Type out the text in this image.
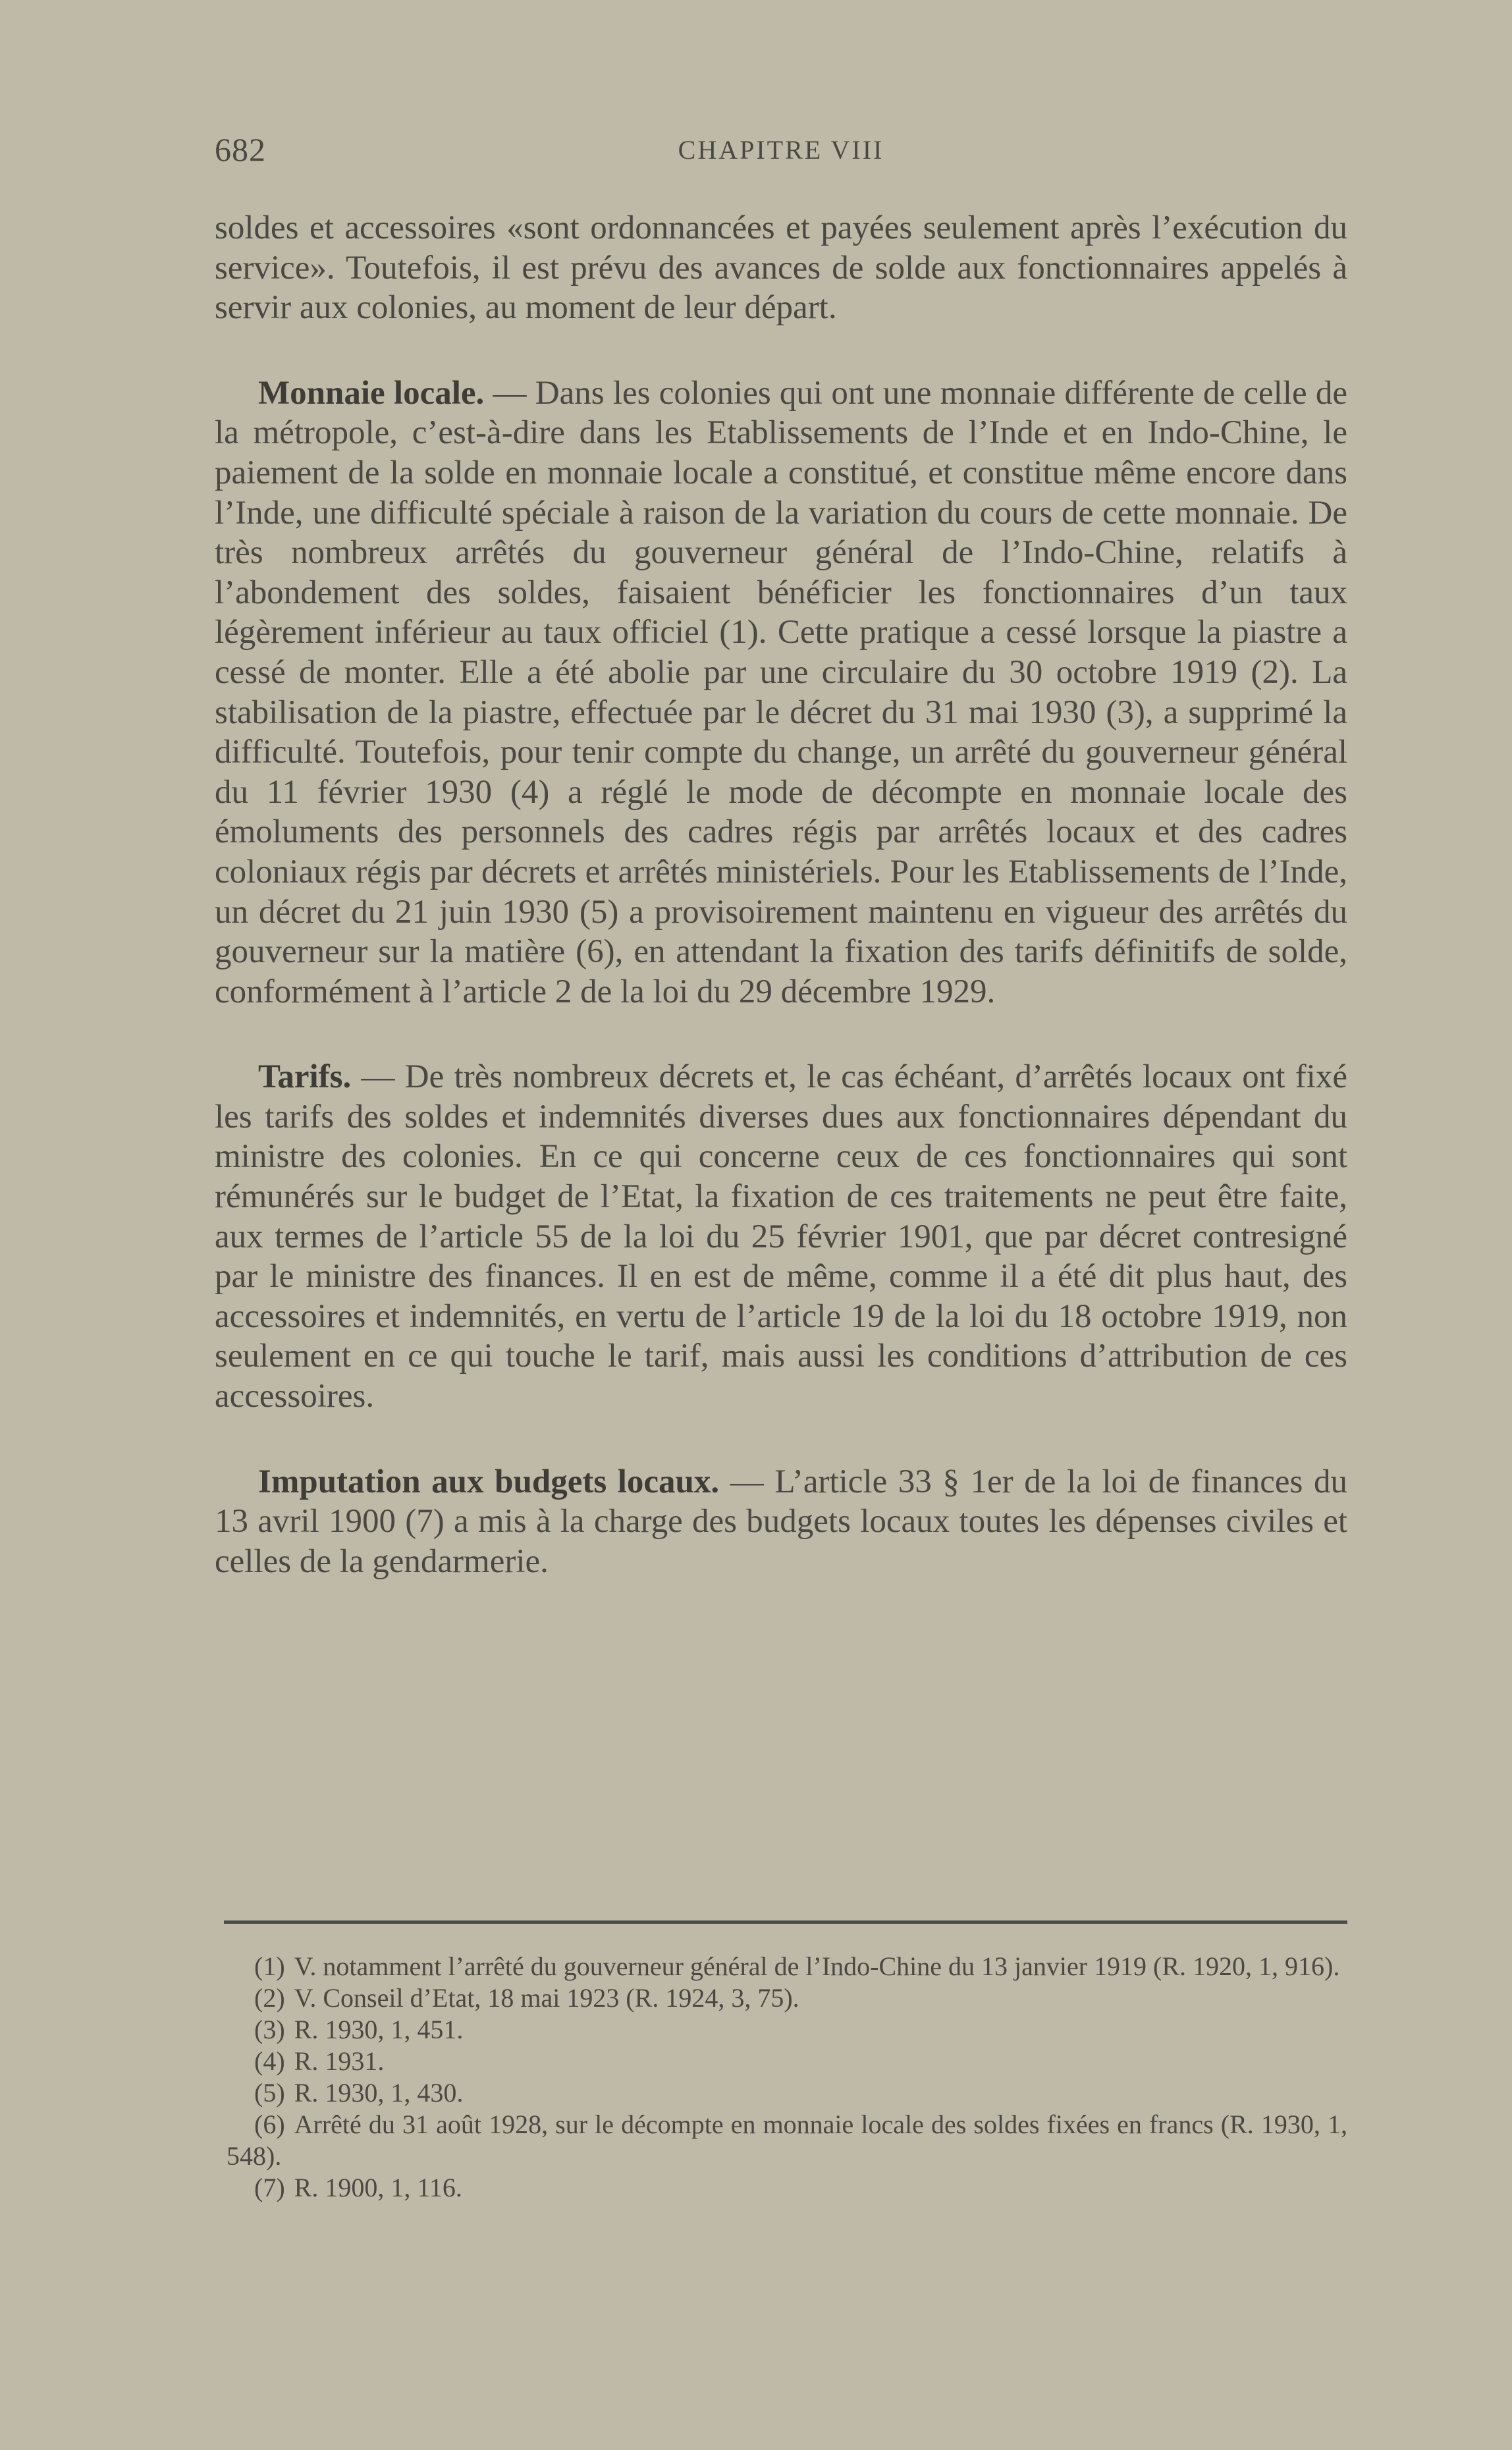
682	CHAPITRE VIII

soldes et accessoires «sont ordonnancées et payées seulement après l’exécution du service». Toutefois, il est prévu des avances de solde aux fonctionnaires appelés à servir aux colonies, au moment de leur départ.

Monnaie locale. — Dans les colonies qui ont une monnaie différente de celle de la métropole, c’est-à-dire dans les Etablissements de l’Inde et en Indo-Chine, le paiement de la solde en monnaie locale a constitué, et constitue même encore dans l’Inde, une difficulté spéciale à raison de la variation du cours de cette monnaie. De très nombreux arrêtés du gouverneur général de l’Indo-Chine, relatifs à l’abondement des soldes, faisaient bénéficier les fonctionnaires d’un taux légèrement inférieur au taux officiel (1). Cette pratique a cessé lorsque la piastre a cessé de monter. Elle a été abolie par une circulaire du 30 octobre 1919 (2). La stabilisation de la piastre, effectuée par le décret du 31 mai 1930 (3), a supprimé la difficulté. Toutefois, pour tenir compte du change, un arrêté du gouverneur général du 11 février 1930 (4) a réglé le mode de décompte en monnaie locale des émoluments des personnels des cadres régis par arrêtés locaux et des cadres coloniaux régis par décrets et arrêtés ministériels. Pour les Etablissements de l’Inde, un décret du 21 juin 1930 (5) a provisoirement maintenu en vigueur des arrêtés du gouverneur sur la matière (6), en attendant la fixation des tarifs définitifs de solde, conformément à l’article 2 de la loi du 29 décembre 1929.

Tarifs. — De très nombreux décrets et, le cas échéant, d’arrêtés locaux ont fixé les tarifs des soldes et indemnités diverses dues aux fonctionnaires dépendant du ministre des colonies. En ce qui concerne ceux de ces fonctionnaires qui sont rémunérés sur le budget de l’Etat, la fixation de ces traitements ne peut être faite, aux termes de l’article 55 de la loi du 25 février 1901, que par décret contresigné par le ministre des finances. Il en est de même, comme il a été dit plus haut, des accessoires et indemnités, en vertu de l’article 19 de la loi du 18 octobre 1919, non seulement en ce qui touche le tarif, mais aussi les conditions d’attribution de ces accessoires.

Imputation aux budgets locaux. — L’article 33 § 1er de la loi de finances du 13 avril 1900 (7) a mis à la charge des budgets locaux toutes les dépenses civiles et celles de la gendarmerie.

(1) V. notamment l’arrêté du gouverneur général de l’Indo-Chine du 13 janvier 1919 (R. 1920, 1, 916).
(2) V. Conseil d’Etat, 18 mai 1923 (R. 1924, 3, 75).
(3) R. 1930, 1, 451.
(4) R. 1931.
(5) R. 1930, 1, 430.
(6) Arrêté du 31 août 1928, sur le décompte en monnaie locale des soldes fixées en francs (R. 1930, 1, 548).
(7) R. 1900, 1, 116.
